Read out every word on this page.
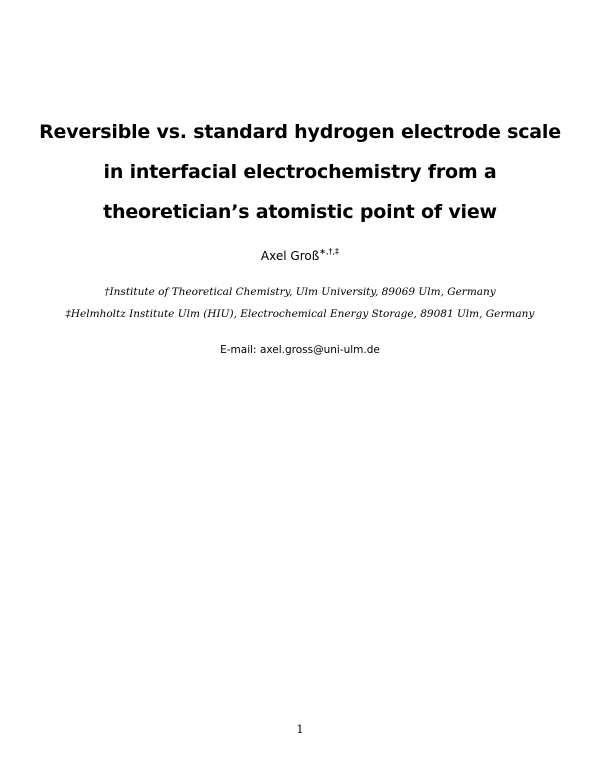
Reversible vs. standard hydrogen electrode scale
in interfacial electrochemistry from a
theoretician’s atomistic point of view
Axel Groß∗,†,‡
†Institute of Theoretical Chemistry, Ulm University, 89069 Ulm, Germany
‡Helmholtz Institute Ulm (HIU), Electrochemical Energy Storage, 89081 Ulm, Germany
E-mail: axel.gross@uni-ulm.de
1
